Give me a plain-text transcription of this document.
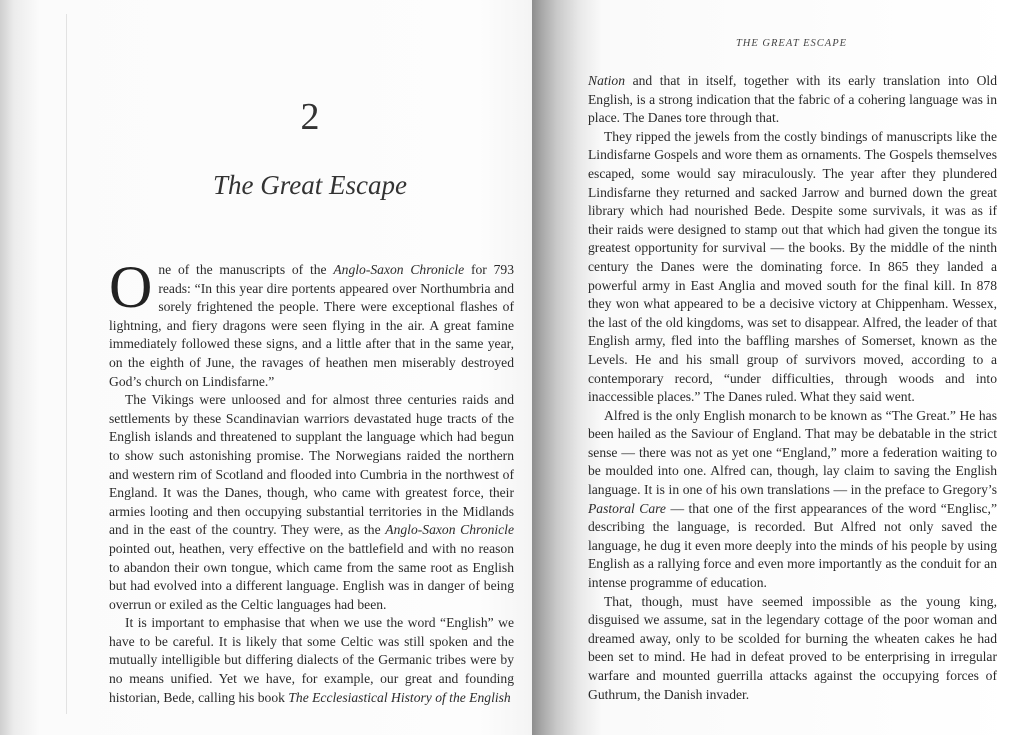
2
The Great Escape

One of the manuscripts of the Anglo-Saxon Chronicle for 793 reads: “In this year dire portents appeared over Northumbria and sorely frightened the people. There were exceptional flashes of lightning, and fiery dragons were seen flying in the air. A great famine immediately followed these signs, and a little after that in the same year, on the eighth of June, the ravages of heathen men miserably destroyed God’s church on Lindisfarne.”

The Vikings were unloosed and for almost three centuries raids and settlements by these Scandinavian warriors devastated huge tracts of the English islands and threatened to supplant the language which had begun to show such astonishing promise. The Norwegians raided the northern and western rim of Scotland and flooded into Cumbria in the northwest of England. It was the Danes, though, who came with greatest force, their armies looting and then occupying substantial territories in the Midlands and in the east of the country. They were, as the Anglo-Saxon Chronicle pointed out, heathen, very effective on the battlefield and with no reason to abandon their own tongue, which came from the same root as English but had evolved into a different language. English was in danger of being overrun or exiled as the Celtic languages had been.

It is important to emphasise that when we use the word “English” we have to be careful. It is likely that some Celtic was still spoken and the mutually intelligible but differing dialects of the Germanic tribes were by no means unified. Yet we have, for example, our great and founding historian, Bede, calling his book The Ecclesiastical History of the English

THE GREAT ESCAPE

Nation and that in itself, together with its early translation into Old English, is a strong indication that the fabric of a cohering language was in place. The Danes tore through that.

They ripped the jewels from the costly bindings of manuscripts like the Lindisfarne Gospels and wore them as ornaments. The Gospels themselves escaped, some would say miraculously. The year after they plundered Lindisfarne they returned and sacked Jarrow and burned down the great library which had nourished Bede. Despite some survivals, it was as if their raids were designed to stamp out that which had given the tongue its greatest opportunity for survival — the books. By the middle of the ninth century the Danes were the dominating force. In 865 they landed a powerful army in East Anglia and moved south for the final kill. In 878 they won what appeared to be a decisive victory at Chippenham. Wessex, the last of the old kingdoms, was set to disappear. Alfred, the leader of that English army, fled into the baffling marshes of Somerset, known as the Levels. He and his small group of survivors moved, according to a contemporary record, “under difficulties, through woods and into inaccessible places.” The Danes ruled. What they said went.

Alfred is the only English monarch to be known as “The Great.” He has been hailed as the Saviour of England. That may be debatable in the strict sense — there was not as yet one “England,” more a federation waiting to be moulded into one. Alfred can, though, lay claim to saving the English language. It is in one of his own translations — in the preface to Gregory’s Pastoral Care — that one of the first appearances of the word “Englisc,” describing the language, is recorded. But Alfred not only saved the language, he dug it even more deeply into the minds of his people by using English as a rallying force and even more importantly as the conduit for an intense programme of education.

That, though, must have seemed impossible as the young king, disguised we assume, sat in the legendary cottage of the poor woman and dreamed away, only to be scolded for burning the wheaten cakes he had been set to mind. He had in defeat proved to be enterprising in irregular warfare and mounted guerrilla attacks against the occupying forces of Guthrum, the Danish invader.
